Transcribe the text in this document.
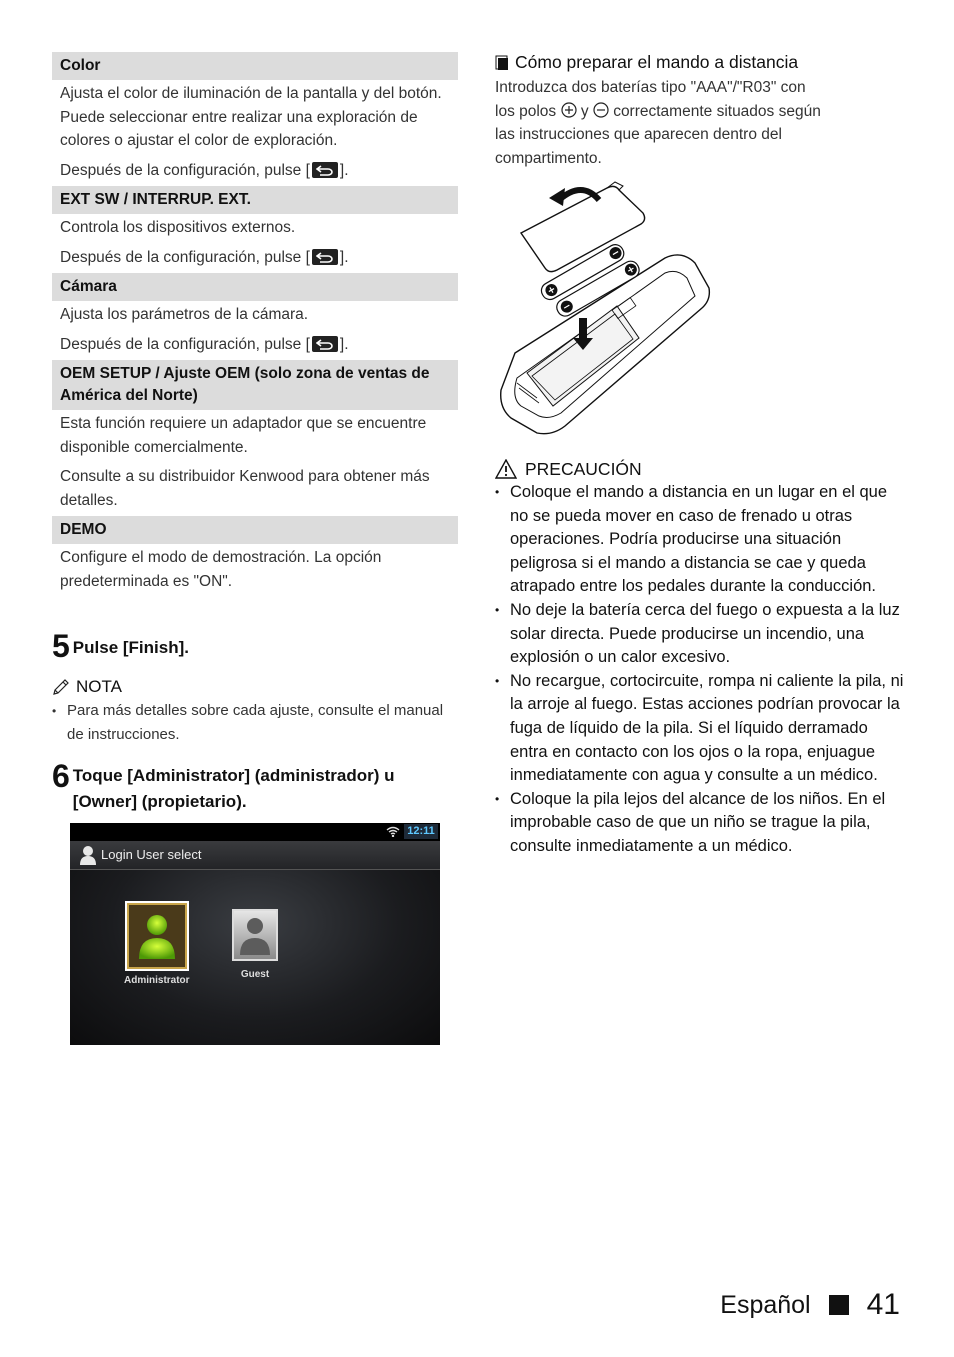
Color
Ajusta el color de iluminación de la pantalla y del botón. Puede seleccionar entre realizar una exploración de colores o ajustar el color de exploración.
Después de la configuración, pulse [ ].
EXT SW / INTERRUP. EXT.
Controla los dispositivos externos.
Después de la configuración, pulse [ ].
Cámara
Ajusta los parámetros de la cámara.
Después de la configuración, pulse [ ].
OEM SETUP / Ajuste OEM (solo zona de ventas de América del Norte)
Esta función requiere un adaptador que se encuentre disponible comercialmente.
Consulte a su distribuidor Kenwood para obtener más detalles.
DEMO
Configure el modo de demostración. La opción predeterminada es "ON".
5 Pulse [Finish].
NOTA
• Para más detalles sobre cada ajuste, consulte el manual de instrucciones.
6 Toque [Administrator] (administrador) u [Owner] (propietario).
12:11
Login User select
Administrator
Guest
Cómo preparar el mando a distancia
Introduzca dos baterías tipo "AAA"/"R03" con
los polos y correctamente situados según
las instrucciones que aparecen dentro del
compartimento.
PRECAUCIÓN
• Coloque el mando a distancia en un lugar en el que no se pueda mover en caso de frenado u otras operaciones. Podría producirse una situación peligrosa si el mando a distancia se cae y queda atrapado entre los pedales durante la conducción.
• No deje la batería cerca del fuego o expuesta a la luz solar directa. Puede producirse un incendio, una explosión o un calor excesivo.
• No recargue, cortocircuite, rompa ni caliente la pila, ni la arroje al fuego. Estas acciones podrían provocar la fuga de líquido de la pila. Si el líquido derramado entra en contacto con los ojos o la ropa, enjuague inmediatamente con agua y consulte a un médico.
• Coloque la pila lejos del alcance de los niños. En el improbable caso de que un niño se trague la pila, consulte inmediatamente a un médico.
Español 41
